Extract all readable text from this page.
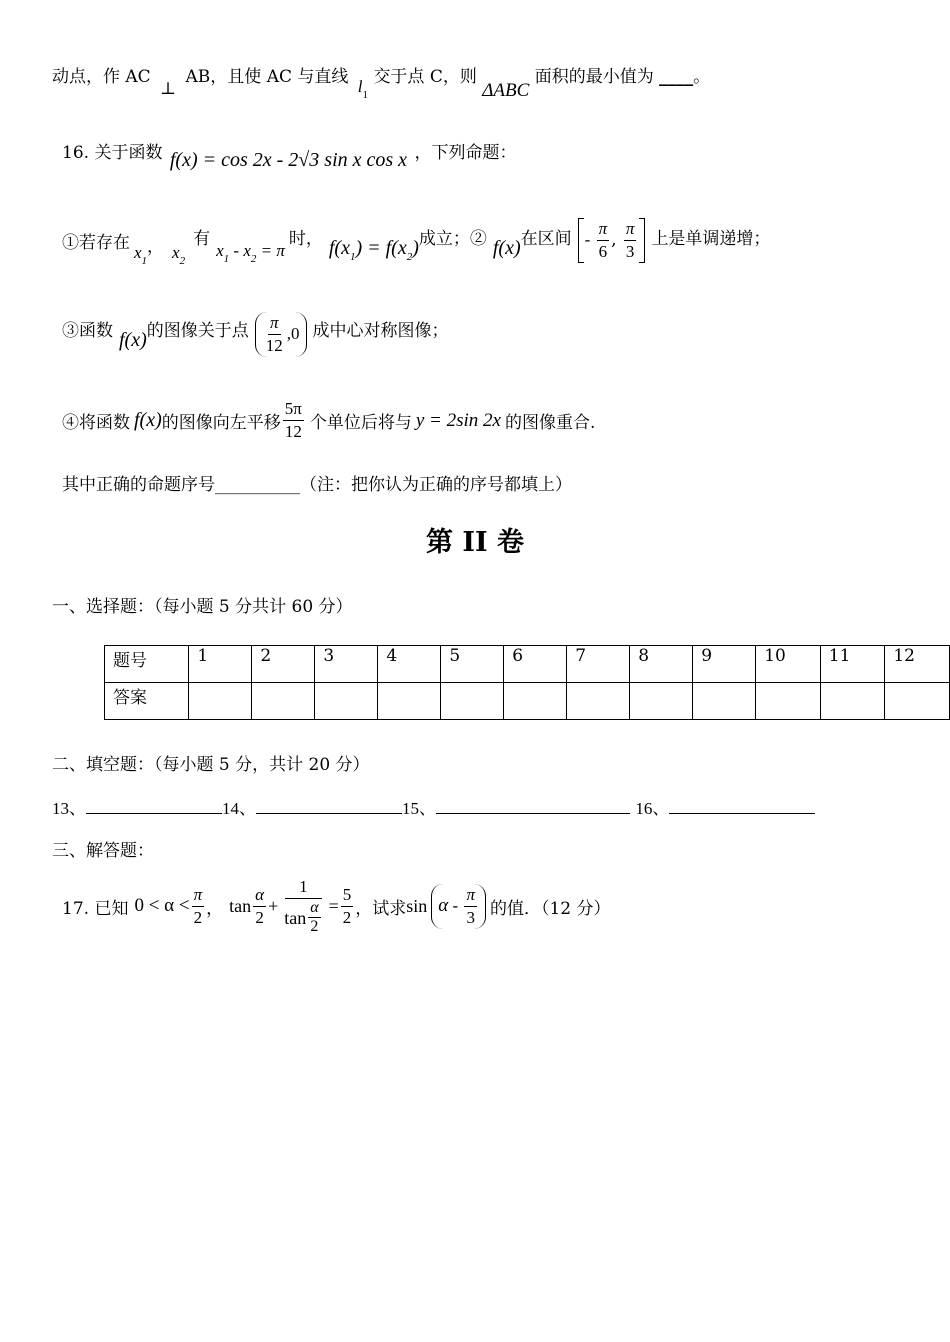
动点，作 AC ⊥ AB，且使 AC 与直线 $l_1$ 交于点 C，则 ΔABC 面积的最小值为 ____。
16. 关于函数 f(x) = cos 2x - 2√3 sin x cos x ，下列命题：
①若存在 $x_1$
， $x_2$
有
$x_1 - x_2 = \pi$
时， $f(x_1) = f(x_2)$ 成立；② f(x) 在区间 - $\frac{\pi}{6}$ , $\frac{\pi}{3}$ 上是单调递增；
③函数 f(x) 的图像关于点 $\frac{\pi}{12} ,0$ 成中心对称图像；
④将函数 f(x) 的图像向左平移 $\frac{5\pi}{12}$ 个单位后将与 y = 2sin 2x 的图像重合.
其中正确的命题序号__________（注：把你认为正确的序号都填上）
第 II 卷
一、选择题：（每小题 5 分共计 60 分）
题号	1	2	3	4	5	6	7	8	9	10	11	12
答案												
二、填空题：（每小题 5 分，共计 20 分）
13、	14、	15、	16、
三、解答题：
17. 已知 $0 < \alpha < \frac{\pi}{2}$ ， $\tan \frac{\alpha}{2} + \frac{1}{\tan \frac{\alpha}{2}} = \frac{5}{2}$ ，试求 sin α - $\frac{\pi}{3}$ 的值．（12 分）
